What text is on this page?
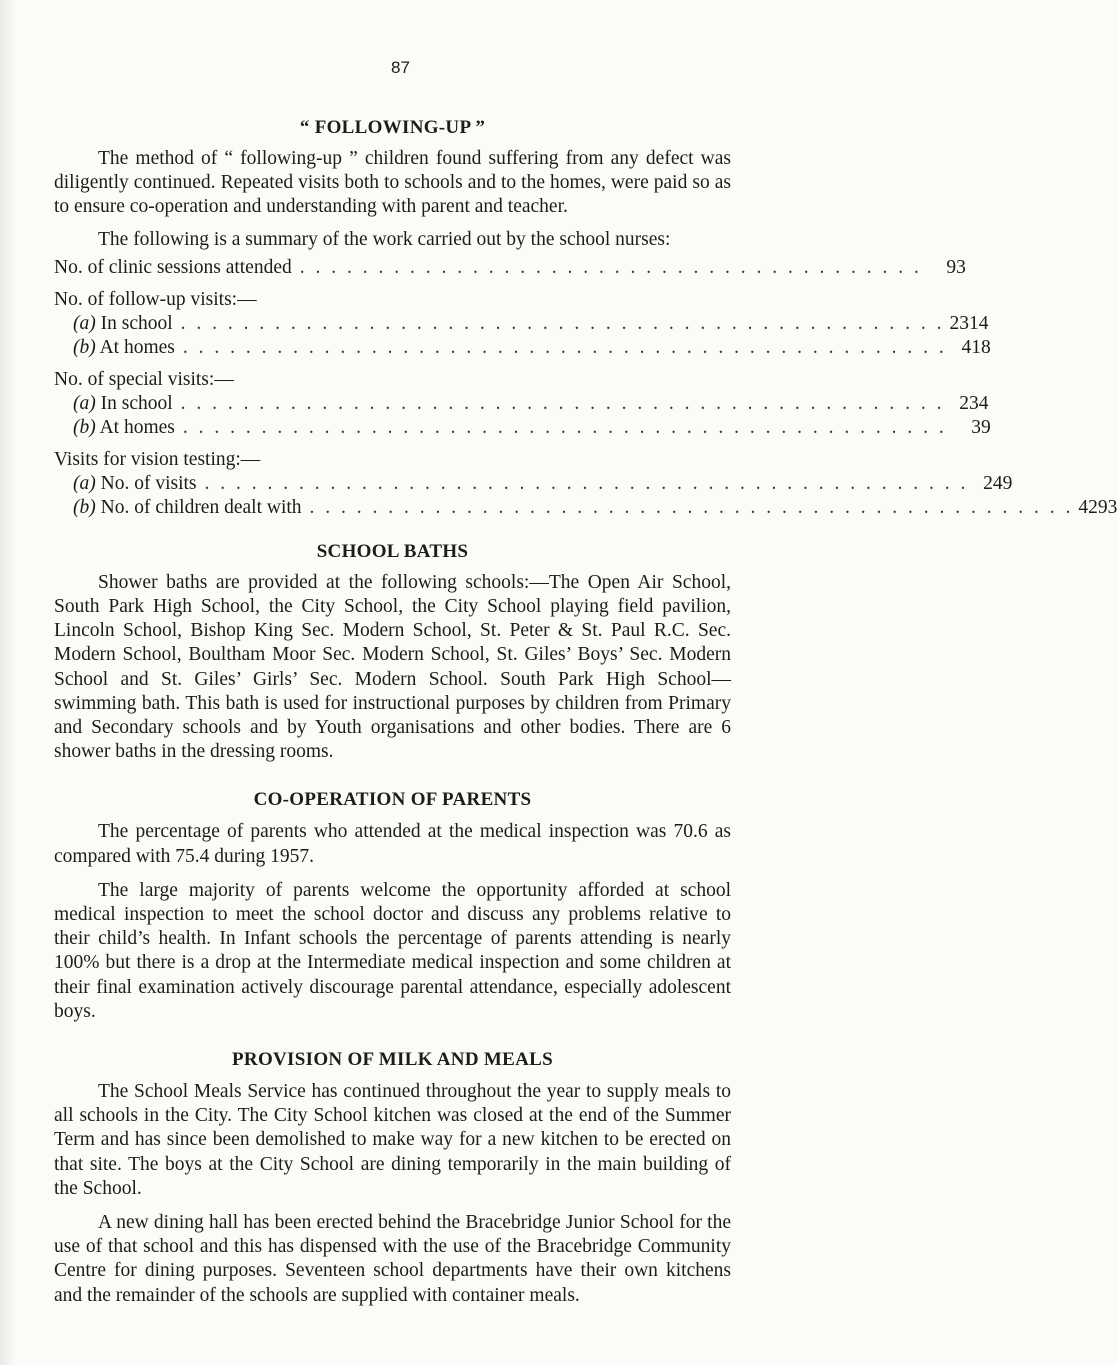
87
“ FOLLOWING-UP ”

The method of “ following-up ” children found suffering from any defect was diligently continued. Repeated visits both to schools and to the homes, were paid so as to ensure co-operation and understanding with parent and teacher.

The following is a summary of the work carried out by the school nurses:

No. of clinic sessions attended . . . . . . . . . . . . . . . . . . . . . . . . . . . . . . . . . . . . . . . .	93
No. of follow-up visits:—
(a) In school . . . . . . . . . . . . . . . . . . . . . . . . . . . . . . . . . . . . . . . . . . . . . . . . . 2314
(b) At homes . . . . . . . . . . . . . . . . . . . . . . . . . . . . . . . . . . . . . . . . . . . . . . . . . 418
No. of special visits:—
(a) In school . . . . . . . . . . . . . . . . . . . . . . . . . . . . . . . . . . . . . . . . . . . . . . . . . 234
(b) At homes . . . . . . . . . . . . . . . . . . . . . . . . . . . . . . . . . . . . . . . . . . . . . . . . .	39
Visits for vision testing:—
(a) No. of visits . . . . . . . . . . . . . . . . . . . . . . . . . . . . . . . . . . . . . . . . . . . . . . . . . 249
(b) No. of children dealt with . . . . . . . . . . . . . . . . . . . . . . . . . . . . . . . . . . . . . . . . . . . . . . . . . 4293
SCHOOL BATHS

Shower baths are provided at the following schools:—The Open Air School, South Park High School, the City School, the City School playing field pavilion, Lincoln School, Bishop King Sec. Modern School, St. Peter & St. Paul R.C. Sec. Modern School, Boultham Moor Sec. Modern School, St. Giles’ Boys’ Sec. Modern School and St. Giles’ Girls’ Sec. Modern School. South Park High School—swimming bath. This bath is used for instructional purposes by children from Primary and Secondary schools and by Youth organisations and other bodies. There are 6 shower baths in the dressing rooms.

CO-OPERATION OF PARENTS

The percentage of parents who attended at the medical inspection was 70.6 as compared with 75.4 during 1957.

The large majority of parents welcome the opportunity afforded at school medical inspection to meet the school doctor and discuss any problems relative to their child’s health. In Infant schools the percentage of parents attending is nearly 100% but there is a drop at the Intermediate medical inspection and some children at their final examination actively discourage parental attendance, especially adolescent boys.

PROVISION OF MILK AND MEALS

The School Meals Service has continued throughout the year to supply meals to all schools in the City. The City School kitchen was closed at the end of the Summer Term and has since been demolished to make way for a new kitchen to be erected on that site. The boys at the City School are dining temporarily in the main building of the School.

A new dining hall has been erected behind the Bracebridge Junior School for the use of that school and this has dispensed with the use of the Bracebridge Community Centre for dining purposes. Seventeen school departments have their own kitchens and the remainder of the schools are supplied with container meals.
